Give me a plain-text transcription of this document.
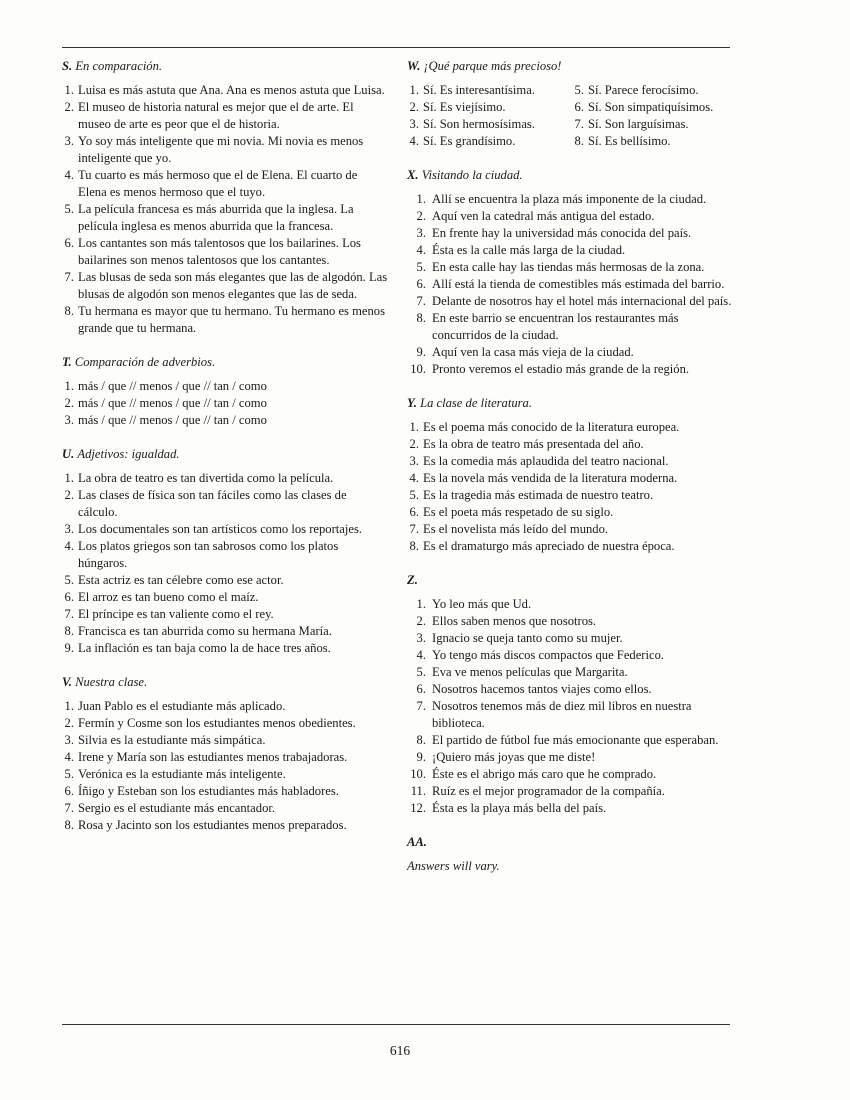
S. En comparación.
1. Luisa es más astuta que Ana. Ana es menos astuta que Luisa.
2. El museo de historia natural es mejor que el de arte. El museo de arte es peor que el de historia.
3. Yo soy más inteligente que mi novia. Mi novia es menos inteligente que yo.
4. Tu cuarto es más hermoso que el de Elena. El cuarto de Elena es menos hermoso que el tuyo.
5. La película francesa es más aburrida que la inglesa. La película inglesa es menos aburrida que la francesa.
6. Los cantantes son más talentosos que los bailarines. Los bailarines son menos talentosos que los cantantes.
7. Las blusas de seda son más elegantes que las de algodón. Las blusas de algodón son menos elegantes que las de seda.
8. Tu hermana es mayor que tu hermano. Tu hermano es menos grande que tu hermana.
T. Comparación de adverbios.
1. más / que // menos / que // tan / como
2. más / que // menos / que // tan / como
3. más / que // menos / que // tan / como
U. Adjetivos: igualdad.
1. La obra de teatro es tan divertida como la película.
2. Las clases de física son tan fáciles como las clases de cálculo.
3. Los documentales son tan artísticos como los reportajes.
4. Los platos griegos son tan sabrosos como los platos húngaros.
5. Esta actriz es tan célebre como ese actor.
6. El arroz es tan bueno como el maíz.
7. El príncipe es tan valiente como el rey.
8. Francisca es tan aburrida como su hermana María.
9. La inflación es tan baja como la de hace tres años.
V. Nuestra clase.
1. Juan Pablo es el estudiante más aplicado.
2. Fermín y Cosme son los estudiantes menos obedientes.
3. Silvia es la estudiante más simpática.
4. Irene y María son las estudiantes menos trabajadoras.
5. Verónica es la estudiante más inteligente.
6. Íñigo y Esteban son los estudiantes más habladores.
7. Sergio es el estudiante más encantador.
8. Rosa y Jacinto son los estudiantes menos preparados.
W. ¡Qué parque más precioso!
1. Sí. Es interesantísima.
2. Sí. Es viejísimo.
3. Sí. Son hermosísimas.
4. Sí. Es grandísimo.
5. Sí. Parece ferocísimo.
6. Sí. Son simpatiquísimos.
7. Sí. Son larguísimas.
8. Sí. Es bellísimo.
X. Visitando la ciudad.
1. Allí se encuentra la plaza más imponente de la ciudad.
2. Aquí ven la catedral más antigua del estado.
3. En frente hay la universidad más conocida del país.
4. Ésta es la calle más larga de la ciudad.
5. En esta calle hay las tiendas más hermosas de la zona.
6. Allí está la tienda de comestibles más estimada del barrio.
7. Delante de nosotros hay el hotel más internacional del país.
8. En este barrio se encuentran los restaurantes más concurridos de la ciudad.
9. Aquí ven la casa más vieja de la ciudad.
10. Pronto veremos el estadio más grande de la región.
Y. La clase de literatura.
1. Es el poema más conocido de la literatura europea.
2. Es la obra de teatro más presentada del año.
3. Es la comedia más aplaudida del teatro nacional.
4. Es la novela más vendida de la literatura moderna.
5. Es la tragedia más estimada de nuestro teatro.
6. Es el poeta más respetado de su siglo.
7. Es el novelista más leído del mundo.
8. Es el dramaturgo más apreciado de nuestra época.
Z.
1. Yo leo más que Ud.
2. Ellos saben menos que nosotros.
3. Ignacio se queja tanto como su mujer.
4. Yo tengo más discos compactos que Federico.
5. Eva ve menos películas que Margarita.
6. Nosotros hacemos tantos viajes como ellos.
7. Nosotros tenemos más de diez mil libros en nuestra biblioteca.
8. El partido de fútbol fue más emocionante que esperaban.
9. ¡Quiero más joyas que me diste!
10. Éste es el abrigo más caro que he comprado.
11. Ruíz es el mejor programador de la compañía.
12. Ésta es la playa más bella del país.
AA.
Answers will vary.
616
